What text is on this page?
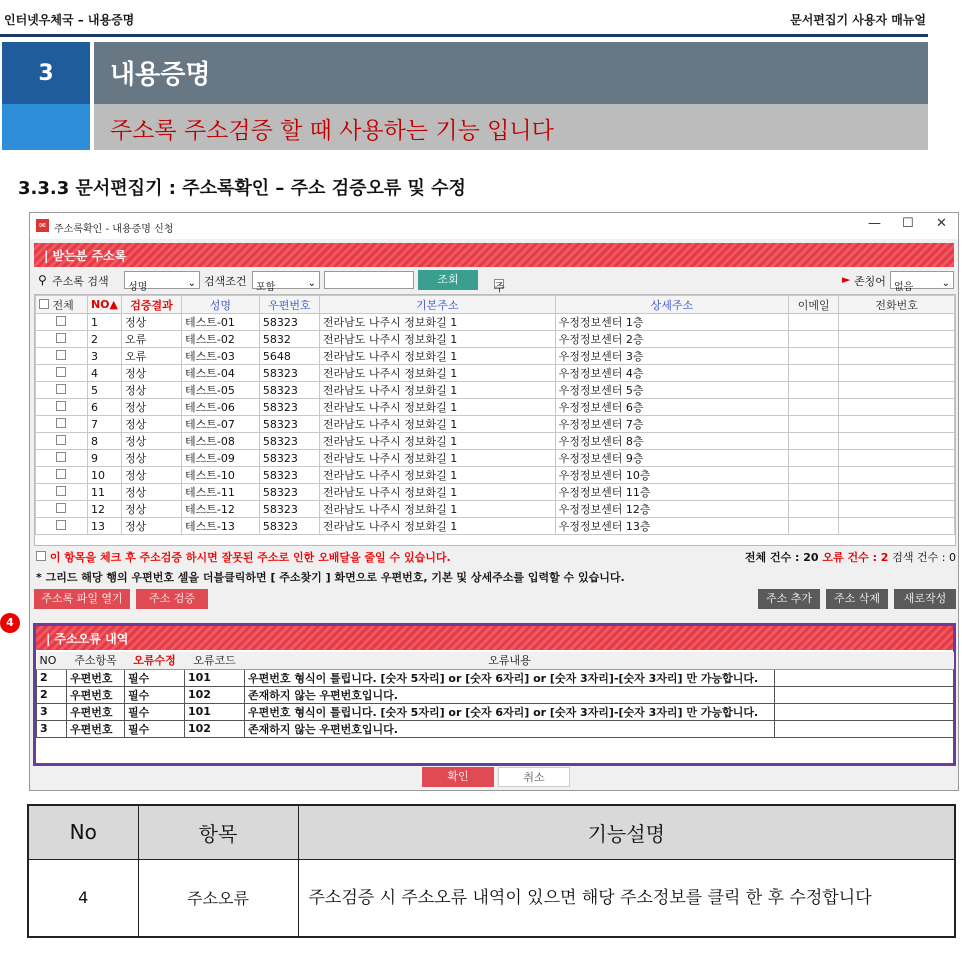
인터넷우체국 – 내용증명	문서편집기 사용자 매뉴얼
3	내용증명
주소록 주소검증 할 때 사용하는 기능 입니다
3.3.3 문서편집기 : 주소록확인 – 주소 검증오류 및 수정
✉ 주소록확인 - 내용증명 신청	— ☐ ✕
| 받는분 주소록
⚲ 주소록 검색 성명	⌄ 검색조건 포함	⌄	조회
주
► 존칭어 없음	⌄
전체	NO▲	검증결과	성명	우편번호	기본주소	상세주소	이메일	전화번호
	1	정상	테스트-01	58323	전라남도 나주시 정보화길 1	우정정보센터 1층		
	2	오류	테스트-02	5832	전라남도 나주시 정보화길 1	우정정보센터 2층		
	3	오류	테스트-03	5648	전라남도 나주시 정보화길 1	우정정보센터 3층		
	4	정상	테스트-04	58323	전라남도 나주시 정보화길 1	우정정보센터 4층		
	5	정상	테스트-05	58323	전라남도 나주시 정보화길 1	우정정보센터 5층		
	6	정상	테스트-06	58323	전라남도 나주시 정보화길 1	우정정보센터 6층		
	7	정상	테스트-07	58323	전라남도 나주시 정보화길 1	우정정보센터 7층		
	8	정상	테스트-08	58323	전라남도 나주시 정보화길 1	우정정보센터 8층		
	9	정상	테스트-09	58323	전라남도 나주시 정보화길 1	우정정보센터 9층		
	10	정상	테스트-10	58323	전라남도 나주시 정보화길 1	우정정보센터 10층		
	11	정상	테스트-11	58323	전라남도 나주시 정보화길 1	우정정보센터 11층		
	12	정상	테스트-12	58323	전라남도 나주시 정보화길 1	우정정보센터 12층		
	13	정상	테스트-13	58323	전라남도 나주시 정보화길 1	우정정보센터 13층		
이 항목을 체크 후 주소검증 하시면 잘못된 주소로 인한 오배달을 줄일 수 있습니다.	전체 건수 : 20 오류 건수 : 2 검색 건수 : 0
* 그리드 해당 행의 우편번호 셀을 더블클릭하면 [ 주소찾기 ] 화면으로 우편번호, 기본 및 상세주소를 입력할 수 있습니다.
주소록 파일 열기	주소 검증	주소 추가	주소 삭제	새로작성
| 주소오류 내역
NO	주소항목	오류수정	오류코드	오류내용	
2	우편번호	필수	101	우편번호 형식이 틀립니다. [숫자 5자리] or [숫자 6자리] or [숫자 3자리]-[숫자 3자리] 만 가능합니다.	
2	우편번호	필수	102	존재하지 않는 우편번호입니다.	
3	우편번호	필수	101	우편번호 형식이 틀립니다. [숫자 5자리] or [숫자 6자리] or [숫자 3자리]-[숫자 3자리] 만 가능합니다.	
3	우편번호	필수	102	존재하지 않는 우편번호입니다.	
확인	취소
4
No	항목	기능설명
4	주소오류	주소검증 시 주소오류 내역이 있으면 해당 주소정보를 클릭 한 후 수정합니다
